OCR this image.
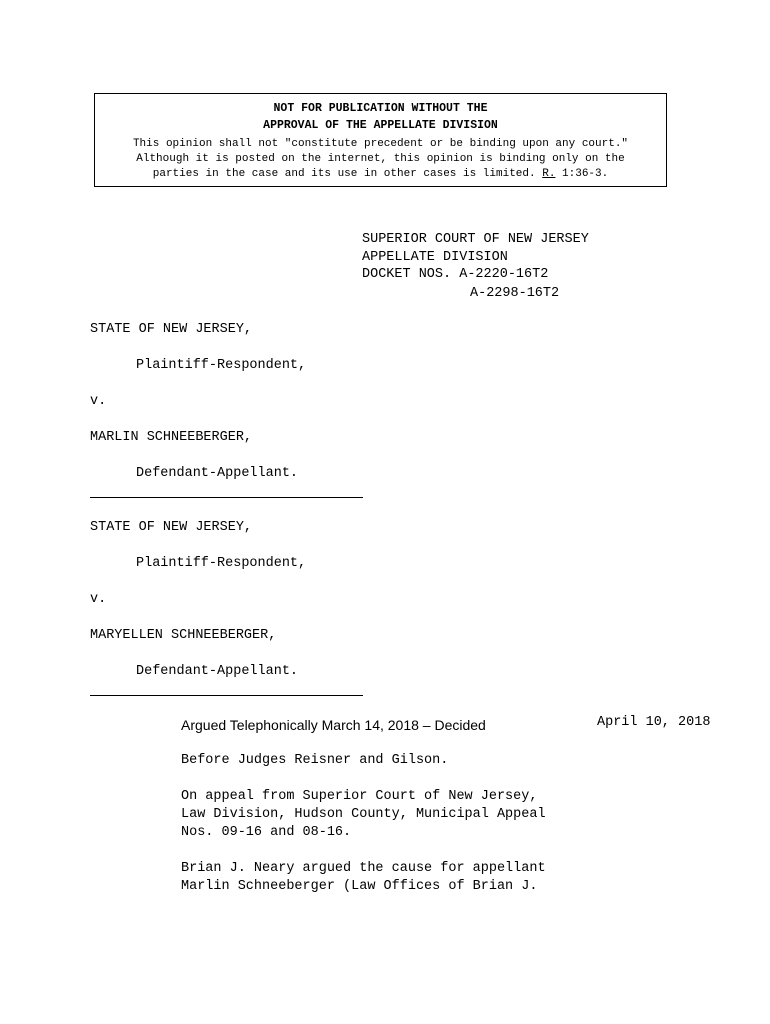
NOT FOR PUBLICATION WITHOUT THE
APPROVAL OF THE APPELLATE DIVISION
This opinion shall not "constitute precedent or be binding upon any court."
Although it is posted on the internet, this opinion is binding only on the
parties in the case and its use in other cases is limited. R. 1:36-3.
SUPERIOR COURT OF NEW JERSEY
APPELLATE DIVISION
DOCKET NOS. A-2220-16T2
A-2298-16T2
STATE OF NEW JERSEY,
Plaintiff-Respondent,
v.
MARLIN SCHNEEBERGER,
Defendant-Appellant.
STATE OF NEW JERSEY,
Plaintiff-Respondent,
v.
MARYELLEN SCHNEEBERGER,
Defendant-Appellant.
Argued Telephonically March 14, 2018 – Decided	April 10, 2018
Before Judges Reisner and Gilson.
On appeal from Superior Court of New Jersey,
Law Division, Hudson County, Municipal Appeal
Nos. 09-16 and 08-16.
Brian J. Neary argued the cause for appellant
Marlin Schneeberger (Law Offices of Brian J.
